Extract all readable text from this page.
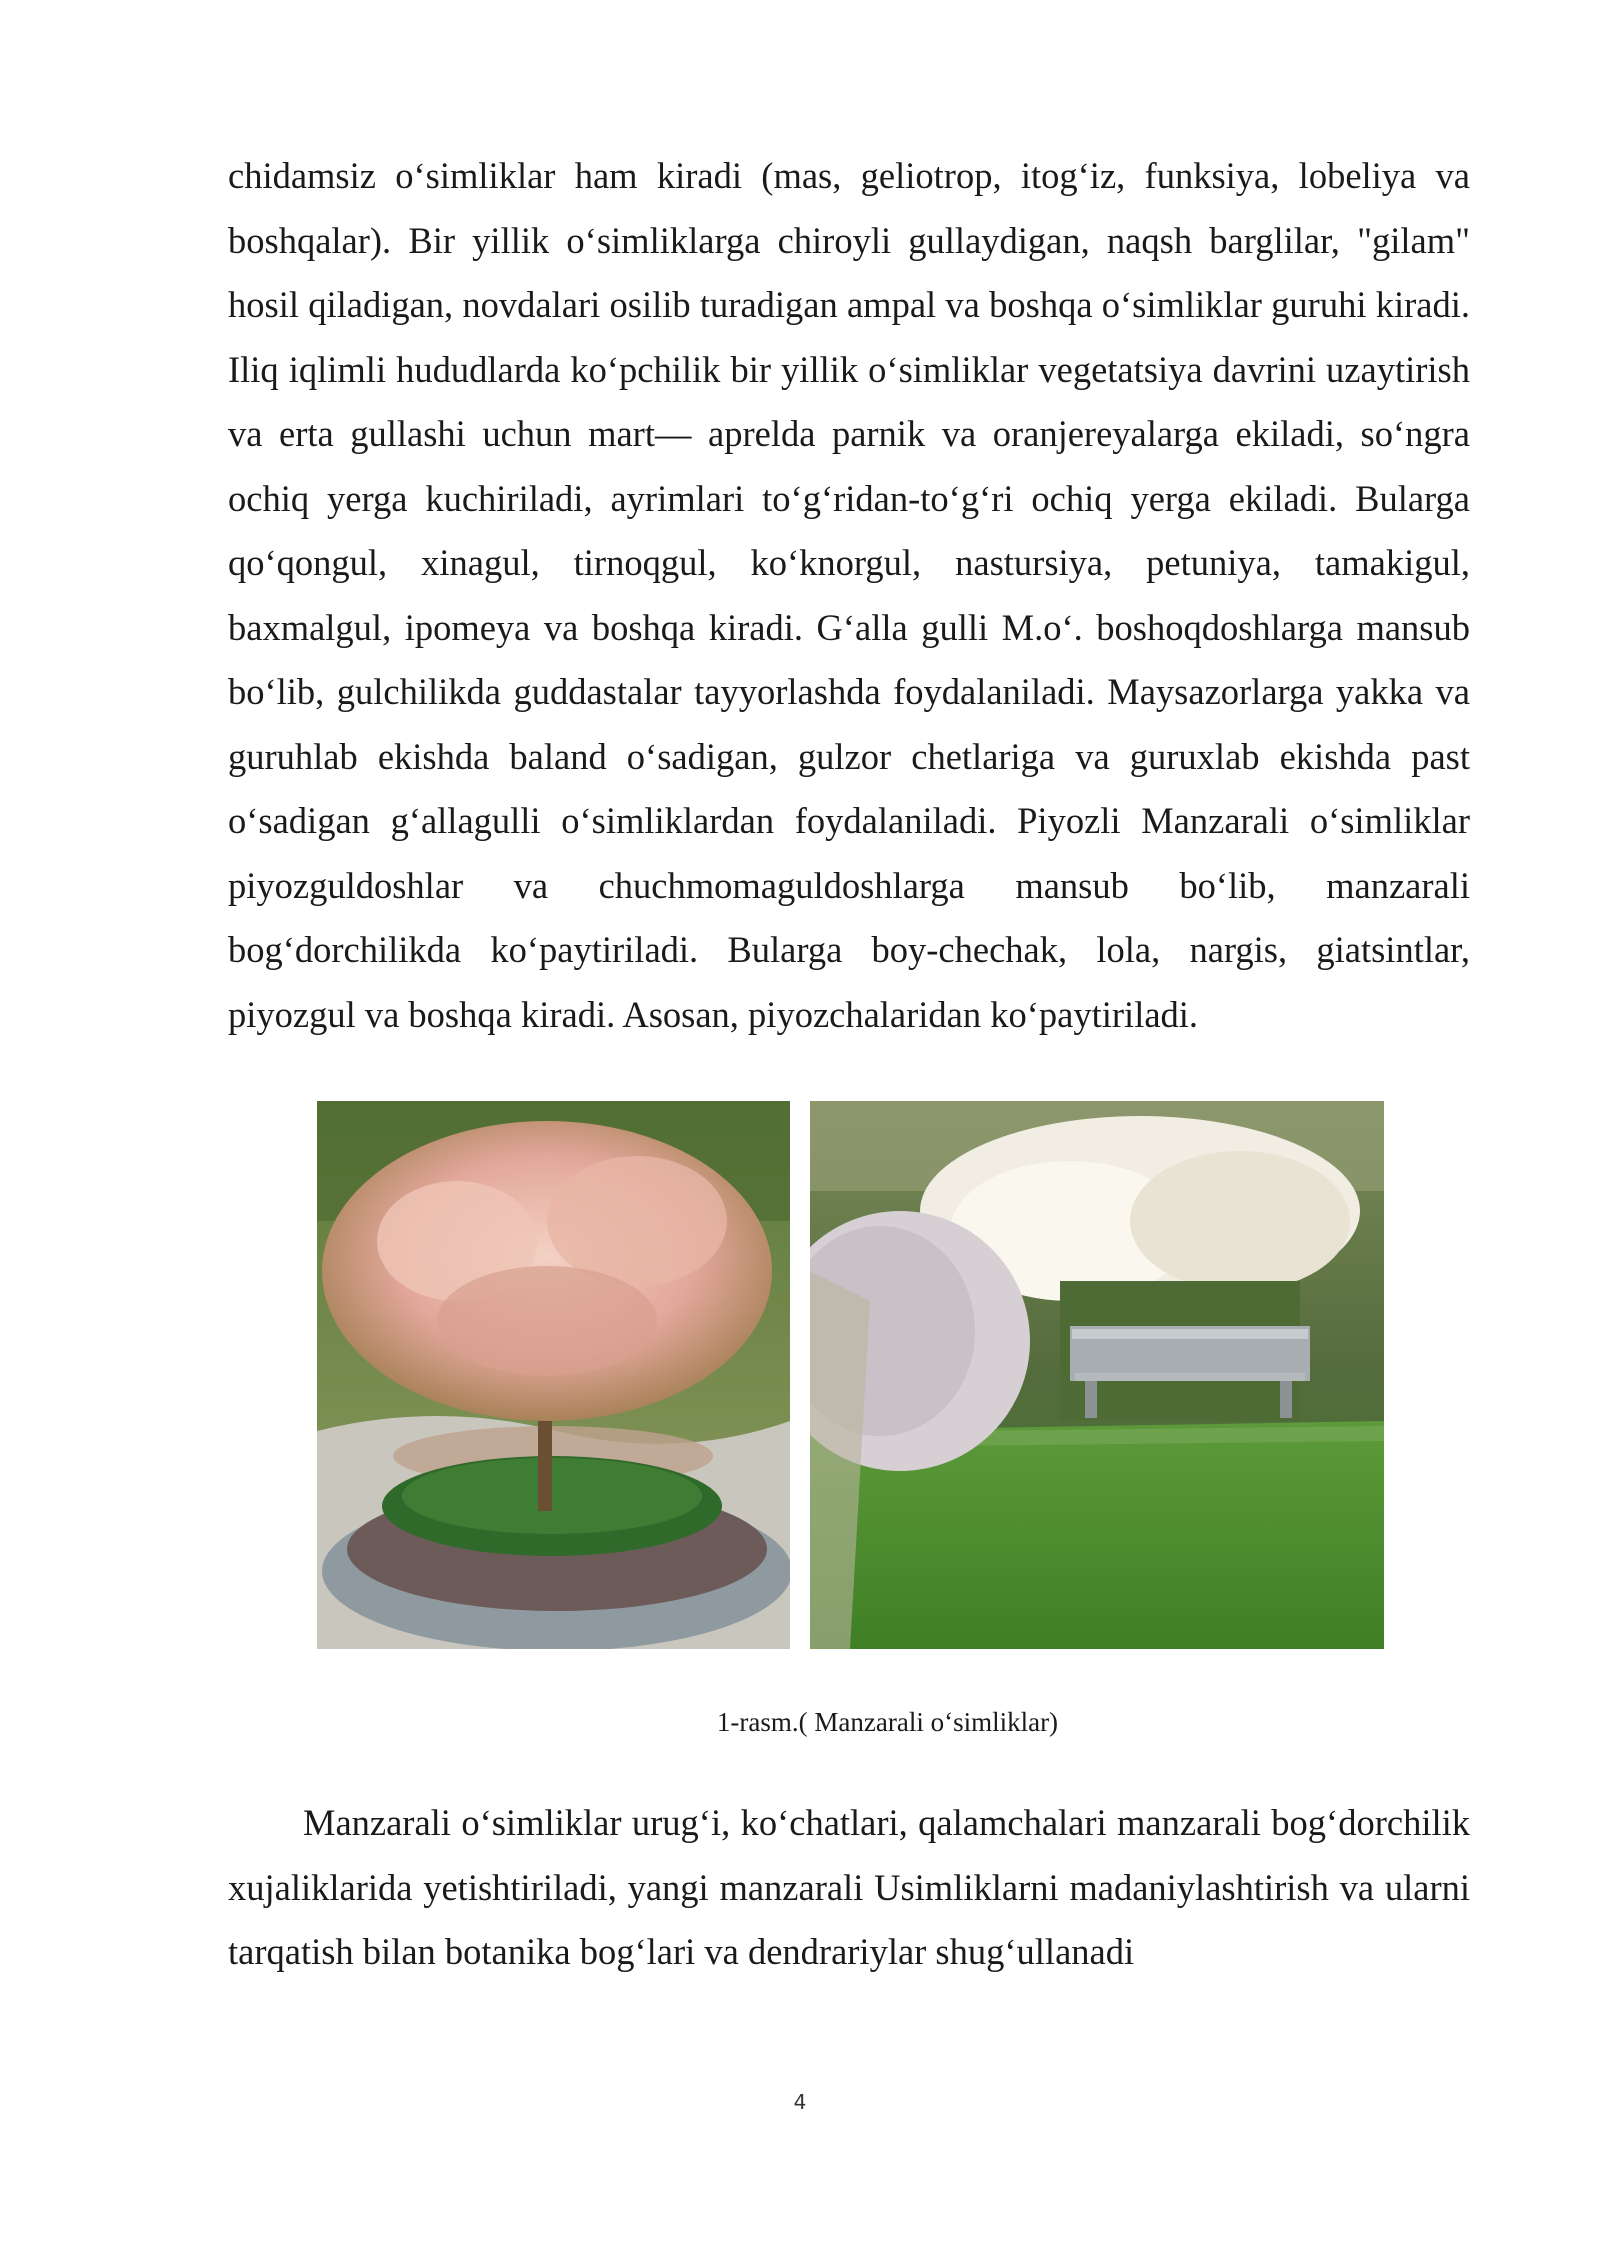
chidamsiz o‘simliklar ham kiradi (mas, geliotrop, itog‘iz, funksiya, lobeliya va boshqalar). Bir yillik o‘simliklarga chiroyli gullaydigan, naqsh barglilar, "gilam" hosil qiladigan, novdalari osilib turadigan ampal va boshqa o‘simliklar guruhi kiradi. Iliq iqlimli hududlarda ko‘pchilik bir yillik o‘simliklar vegetatsiya davrini uzaytirish va erta gullashi uchun mart— aprelda parnik va oranjereyalarga ekiladi, so‘ngra ochiq yerga kuchiriladi, ayrimlari to‘g‘ridan-to‘g‘ri ochiq yerga ekiladi. Bularga qo‘qongul, xinagul, tirnoqgul, ko‘knorgul, nastursiya, petuniya, tamakigul, baxmalgul, ipomeya va boshqa kiradi. G‘alla gulli M.o‘. boshoqdoshlarga mansub bo‘lib, gulchilikda guddastalar tayyorlashda foydalaniladi. Maysazorlarga yakka va guruhlab ekishda baland o‘sadigan, gulzor chetlariga va guruxlab ekishda past o‘sadigan g‘allagulli o‘simliklardan foydalaniladi. Piyozli Manzarali o‘simliklar piyozguldoshlar va chuchmomaguldoshlarga mansub bo‘lib, manzarali bog‘dorchilikda ko‘paytiriladi. Bularga boy-chechak, lola, nargis, giatsintlar, piyozgul va boshqa kiradi. Asosan, piyozchalaridan ko‘paytiriladi.

1-rasm.( Manzarali o‘simliklar)

Manzarali o‘simliklar urug‘i, ko‘chatlari, qalamchalari manzarali bog‘dorchilik xujaliklarida yetishtiriladi, yangi manzarali Usimliklarni madaniylashtirish va ularni tarqatish bilan botanika bog‘lari va dendrariylar shug‘ullanadi

4
